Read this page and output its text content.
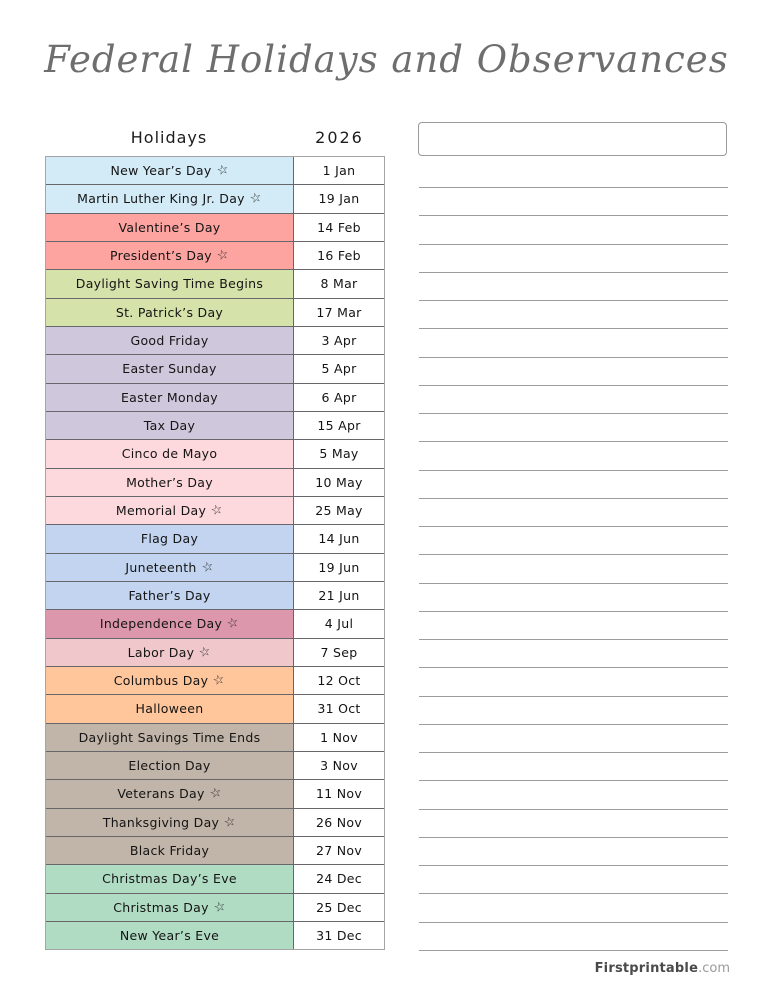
Federal Holidays and Observances
Holidays	2026
New Year’s Day ☆	1 Jan
Martin Luther King Jr. Day ☆	19 Jan
Valentine’s Day	14 Feb
President’s Day ☆	16 Feb
Daylight Saving Time Begins	8 Mar
St. Patrick’s Day	17 Mar
Good Friday	3 Apr
Easter Sunday	5 Apr
Easter Monday	6 Apr
Tax Day	15 Apr
Cinco de Mayo	5 May
Mother’s Day	10 May
Memorial Day ☆	25 May
Flag Day	14 Jun
Juneteenth ☆	19 Jun
Father’s Day	21 Jun
Independence Day ☆	4 Jul
Labor Day ☆	7 Sep
Columbus Day ☆	12 Oct
Halloween	31 Oct
Daylight Savings Time Ends	1 Nov
Election Day	3 Nov
Veterans Day ☆	11 Nov
Thanksgiving Day ☆	26 Nov
Black Friday	27 Nov
Christmas Day’s Eve	24 Dec
Christmas Day ☆	25 Dec
New Year’s Eve	31 Dec
Firstprintable.com
